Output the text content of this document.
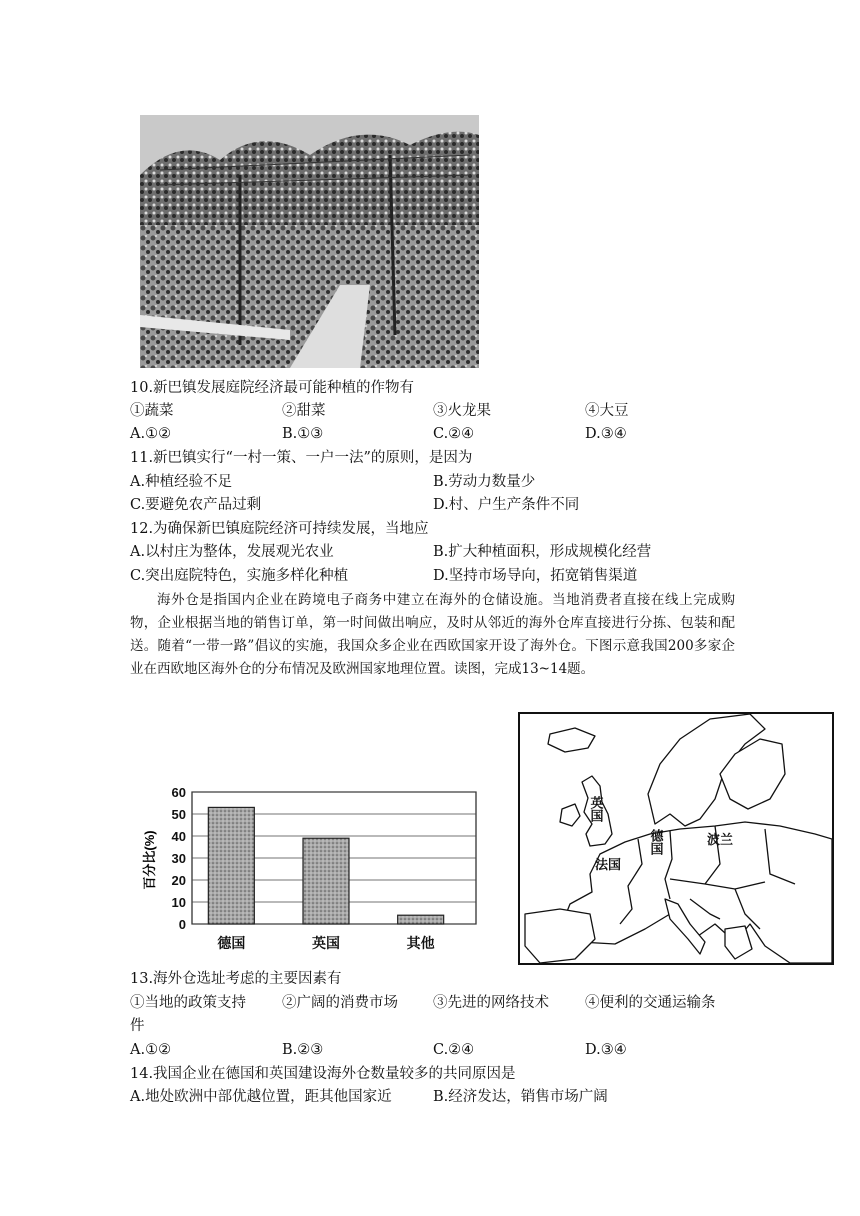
10.新巴镇发展庭院经济最可能种植的作物有
①蔬菜	②甜菜	③火龙果	④大豆
A.①②	B.①③	C.②④	D.③④
11.新巴镇实行“一村一策、一户一法”的原则，是因为
A.种植经验不足	B.劳动力数量少
C.要避免农产品过剩	D.村、户生产条件不同
12.为确保新巴镇庭院经济可持续发展，当地应
A.以村庄为整体，发展观光农业	B.扩大种植面积，形成规模化经营
C.突出庭院特色，实施多样化种植	D.坚持市场导向，拓宽销售渠道
海外仓是指国内企业在跨境电子商务中建立在海外的仓储设施。当地消费者直接在线上完成购物，企业根据当地的销售订单，第一时间做出响应，及时从邻近的海外仓库直接进行分拣、包装和配送。随着“一带一路”倡议的实施，我国众多企业在西欧国家开设了海外仓。下图示意我国200多家企业在西欧地区海外仓的分布情况及欧洲国家地理位置。读图，完成13~14题。
0
10
20
30
40
50
60
德国	英国	其他
百分比(%)
英国
德国
法国
波兰
13.海外仓选址考虑的主要因素有
①当地的政策支持 ②广阔的消费市场 ③先进的网络技术 ④便利的交通运输条
件
A.①②	B.②③	C.②④	D.③④
14.我国企业在德国和英国建设海外仓数量较多的共同原因是
A.地处欧洲中部优越位置，距其他国家近	B.经济发达，销售市场广阔
